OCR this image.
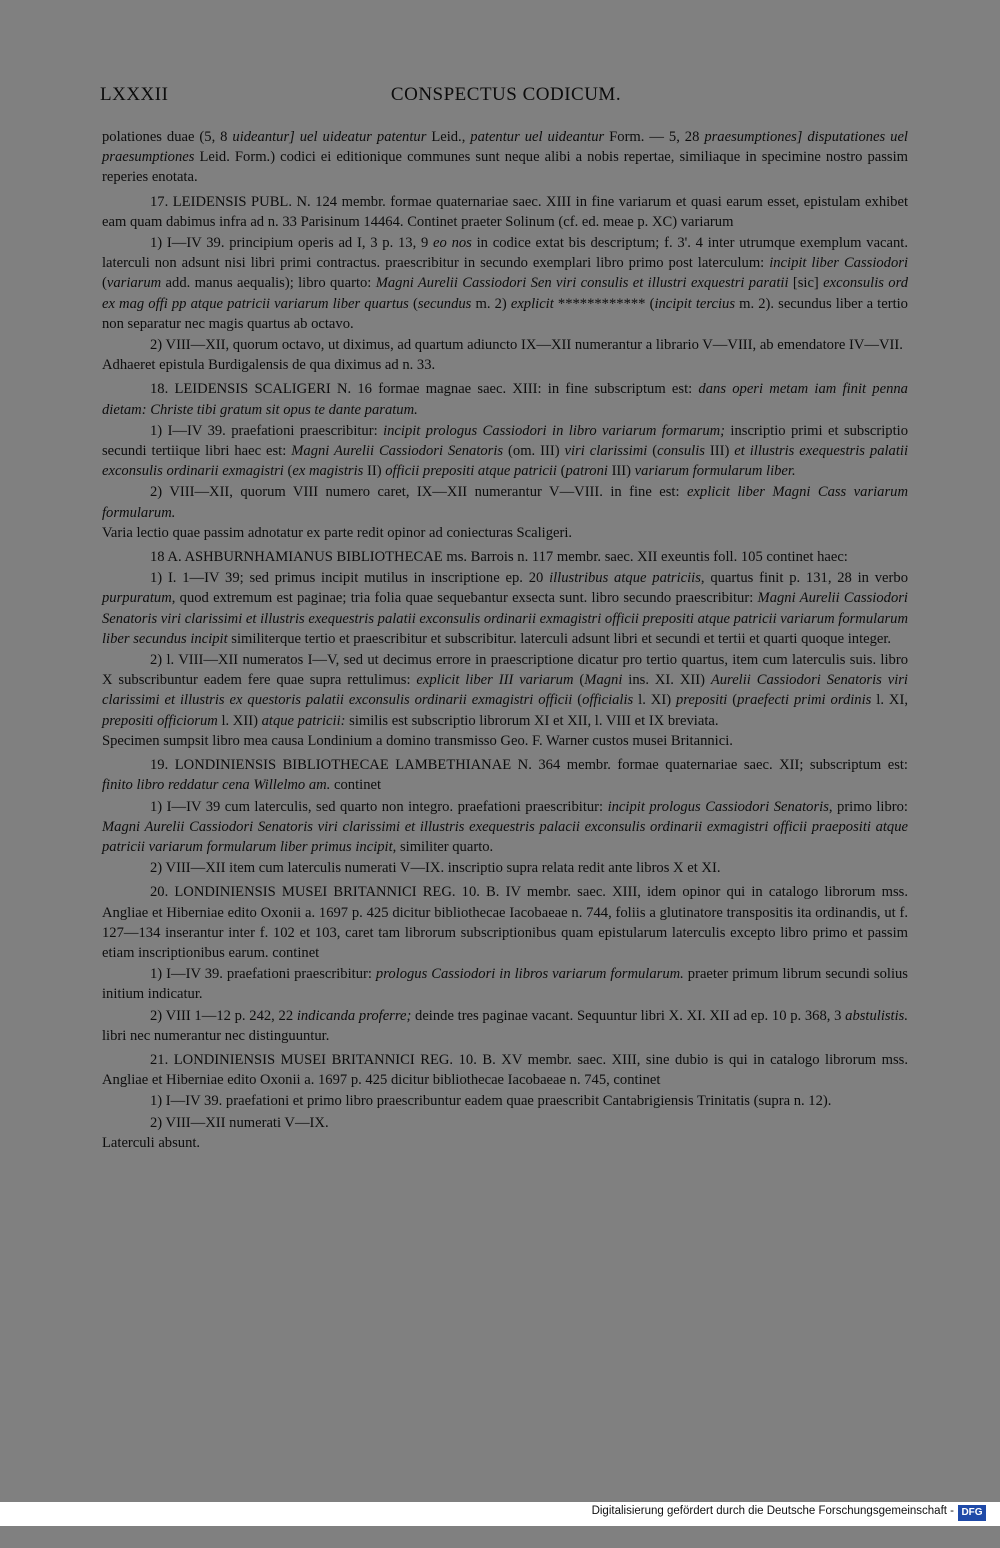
LXXXII	CONSPECTUS CODICUM.

polationes duae (5, 8 uideantur] uel uideatur patentur Leid., patentur uel uideantur Form. — 5, 28 praesumptiones] disputationes uel praesumptiones Leid. Form.) codici ei editionique communes sunt neque alibi a nobis repertae, similiaque in specimine nostro passim reperies enotata.

17. LEIDENSIS PUBL. N. 124 membr. formae quaternariae saec. XIII in fine variarum et quasi earum esset, epistulam exhibet eam quam dabimus infra ad n. 33 Parisinum 14464. Continet praeter Solinum (cf. ed. meae p. XC) variarum

1) I—IV 39. principium operis ad I, 3 p. 13, 9 eo nos in codice extat bis descriptum; f. 3'. 4 inter utrumque exemplum vacant. laterculi non adsunt nisi libri primi contractus. praescribitur in secundo exemplari libro primo post laterculum: incipit liber Cassiodori (variarum add. manus aequalis); libro quarto: Magni Aurelii Cassiodori Sen viri consulis et illustri exquestri paratii [sic] exconsulis ord ex mag offi pp atque patricii variarum liber quartus (secundus m. 2) explicit ************ (incipit tercius m. 2). secundus liber a tertio non separatur nec magis quartus ab octavo.

2) VIII—XII, quorum octavo, ut diximus, ad quartum adiuncto IX—XII numerantur a librario V—VIII, ab emendatore IV—VII.

Adhaeret epistula Burdigalensis de qua diximus ad n. 33.

18. LEIDENSIS SCALIGERI N. 16 formae magnae saec. XIII: in fine subscriptum est: dans operi metam iam finit penna dietam: Christe tibi gratum sit opus te dante paratum.

1) I—IV 39. praefationi praescribitur: incipit prologus Cassiodori in libro variarum formarum; inscriptio primi et subscriptio secundi tertiique libri haec est: Magni Aurelii Cassiodori Senatoris (om. III) viri clarissimi (consulis III) et illustris exequestris palatii exconsulis ordinarii exmagistri (ex magistris II) officii prepositi atque patricii (patroni III) variarum formularum liber.

2) VIII—XII, quorum VIII numero caret, IX—XII numerantur V—VIII. in fine est: explicit liber Magni Cass variarum formularum.

Varia lectio quae passim adnotatur ex parte redit opinor ad coniecturas Scaligeri.

18 A. ASHBURNHAMIANUS BIBLIOTHECAE ms. Barrois n. 117 membr. saec. XII exeuntis foll. 105 continet haec:

1) I. 1—IV 39; sed primus incipit mutilus in inscriptione ep. 20 illustribus atque patriciis, quartus finit p. 131, 28 in verbo purpuratum, quod extremum est paginae; tria folia quae sequebantur exsecta sunt. libro secundo praescribitur: Magni Aurelii Cassiodori Senatoris viri clarissimi et illustris exequestris palatii exconsulis ordinarii exmagistri officii prepositi atque patricii variarum formularum liber secundus incipit similiterque tertio et praescribitur et subscribitur. laterculi adsunt libri et secundi et tertii et quarti quoque integer.

2) l. VIII—XII numeratos I—V, sed ut decimus errore in praescriptione dicatur pro tertio quartus, item cum laterculis suis. libro X subscribuntur eadem fere quae supra rettulimus: explicit liber III variarum (Magni ins. XI. XII) Aurelii Cassiodori Senatoris viri clarissimi et illustris ex questoris palatii exconsulis ordinarii exmagistri officii (officialis l. XI) prepositi (praefecti primi ordinis l. XI, prepositi officiorum l. XII) atque patricii: similis est subscriptio librorum XI et XII, l. VIII et IX breviata.

Specimen sumpsit libro mea causa Londinium a domino transmisso Geo. F. Warner custos musei Britannici.

19. LONDINIENSIS BIBLIOTHECAE LAMBETHIANAE N. 364 membr. formae quaternariae saec. XII; subscriptum est: finito libro reddatur cena Willelmo am. continet

1) I—IV 39 cum laterculis, sed quarto non integro. praefationi praescribitur: incipit prologus Cassiodori Senatoris, primo libro: Magni Aurelii Cassiodori Senatoris viri clarissimi et illustris exequestris palacii exconsulis ordinarii exmagistri officii praepositi atque patricii variarum formularum liber primus incipit, similiter quarto.

2) VIII—XII item cum laterculis numerati V—IX. inscriptio supra relata redit ante libros X et XI.

20. LONDINIENSIS MUSEI BRITANNICI REG. 10. B. IV membr. saec. XIII, idem opinor qui in catalogo librorum mss. Angliae et Hiberniae edito Oxonii a. 1697 p. 425 dicitur bibliothecae Iacobaeae n. 744, foliis a glutinatore transpositis ita ordinandis, ut f. 127—134 inserantur inter f. 102 et 103, caret tam librorum subscriptionibus quam epistularum laterculis excepto libro primo et passim etiam inscriptionibus earum. continet

1) I—IV 39. praefationi praescribitur: prologus Cassiodori in libros variarum formularum. praeter primum librum secundi solius initium indicatur.

2) VIII 1—12 p. 242, 22 indicanda proferre; deinde tres paginae vacant. Sequuntur libri X. XI. XII ad ep. 10 p. 368, 3 abstulistis. libri nec numerantur nec distinguuntur.

21. LONDINIENSIS MUSEI BRITANNICI REG. 10. B. XV membr. saec. XIII, sine dubio is qui in catalogo librorum mss. Angliae et Hiberniae edito Oxonii a. 1697 p. 425 dicitur bibliothecae Iacobaeae n. 745, continet

1) I—IV 39. praefationi et primo libro praescribuntur eadem quae praescribit Cantabrigiensis Trinitatis (supra n. 12).

2) VIII—XII numerati V—IX.

Laterculi absunt.

Digitalisierung gefördert durch die Deutsche Forschungsgemeinschaft - DFG
